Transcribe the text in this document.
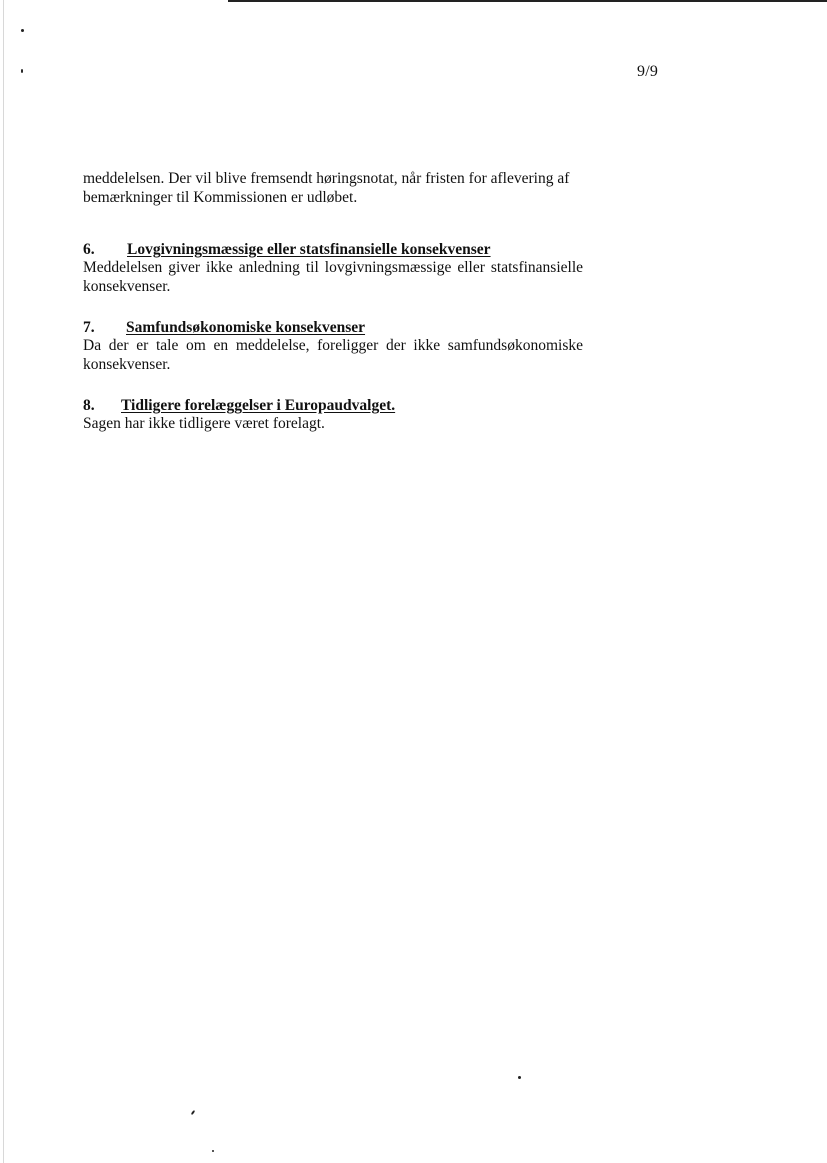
9/9

meddelelsen. Der vil blive fremsendt høringsnotat, når fristen for aflevering af bemærkninger til Kommissionen er udløbet.

6.	Lovgivningsmæssige eller statsfinansielle konsekvenser

Meddelelsen giver ikke anledning til lovgivningsmæssige eller statsfinansielle konsekvenser.

7.	Samfundsøkonomiske konsekvenser

Da der er tale om en meddelelse, foreligger der ikke samfundsøkonomiske konsekvenser.

8.	Tidligere forelæggelser i Europaudvalget.

Sagen har ikke tidligere været forelagt.
